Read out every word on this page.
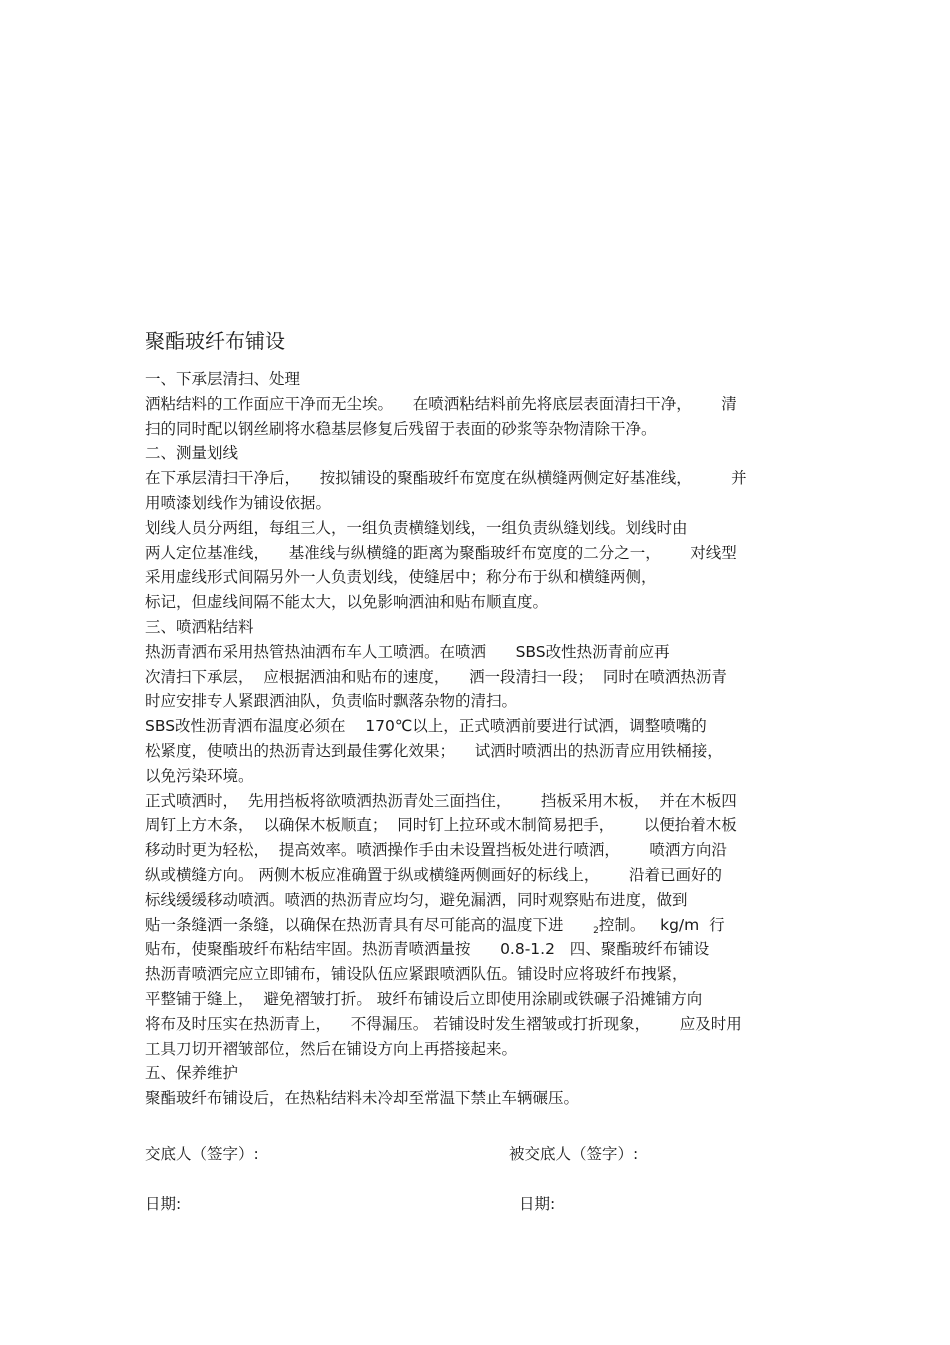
聚酯玻纤布铺设
一、下承层清扫、处理
洒粘结料的工作面应干净而无尘埃。    在喷洒粘结料前先将底层表面清扫干净，      清
扫的同时配以钢丝刷将水稳基层修复后残留于表面的砂浆等杂物清除干净。
二、测量划线
在下承层清扫干净后，    按拟铺设的聚酯玻纤布宽度在纵横缝两侧定好基准线，        并
用喷漆划线作为铺设依据。
划线人员分两组，每组三人，一组负责横缝划线，一组负责纵缝划线。划线时由
两人定位基准线，    基准线与纵横缝的距离为聚酯玻纤布宽度的二分之一，      对线型
采用虚线形式间隔另外一人负责划线，使缝居中；称分布于纵和横缝两侧，
标记，但虚线间隔不能太大，以免影响洒油和贴布顺直度。
三、喷洒粘结料
热沥青洒布采用热管热油洒布车人工喷洒。在喷洒      SBS改性热沥青前应再
次清扫下承层，  应根据洒油和贴布的速度，    洒一段清扫一段；  同时在喷洒热沥青
时应安排专人紧跟洒油队，负责临时飘落杂物的清扫。
SBS改性沥青洒布温度必须在    170℃以上，正式喷洒前要进行试洒，调整喷嘴的
松紧度，使喷出的热沥青达到最佳雾化效果；    试洒时喷洒出的热沥青应用铁桶接，
以免污染环境。
正式喷洒时，  先用挡板将欲喷洒热沥青处三面挡住，      挡板采用木板，  并在木板四
周钉上方木条，  以确保木板顺直；  同时钉上拉环或木制简易把手，      以便抬着木板
移动时更为轻松，  提高效率。喷洒操作手由未设置挡板处进行喷洒，      喷洒方向沿
纵或横缝方向。 两侧木板应准确置于纵或横缝两侧画好的标线上，      沿着已画好的
标线缓缓移动喷洒。喷洒的热沥青应均匀，避免漏洒，同时观察贴布进度，做到
贴一条缝洒一条缝，以确保在热沥青具有尽可能高的温度下进	2控制。 kg/m 行
贴布，使聚酯玻纤布粘结牢固。热沥青喷洒量按      0.8-1.2   四、聚酯玻纤布铺设
热沥青喷洒完应立即铺布，铺设队伍应紧跟喷洒队伍。铺设时应将玻纤布拽紧，
平整铺于缝上，  避免褶皱打折。 玻纤布铺设后立即使用涂刷或铁碾子沿摊铺方向
将布及时压实在热沥青上，    不得漏压。 若铺设时发生褶皱或打折现象，      应及时用
工具刀切开褶皱部位，然后在铺设方向上再搭接起来。
五、保养维护
聚酯玻纤布铺设后，在热粘结料未冷却至常温下禁止车辆碾压。
交底人（签字）:	被交底人（签字）:
日期:	日期:
